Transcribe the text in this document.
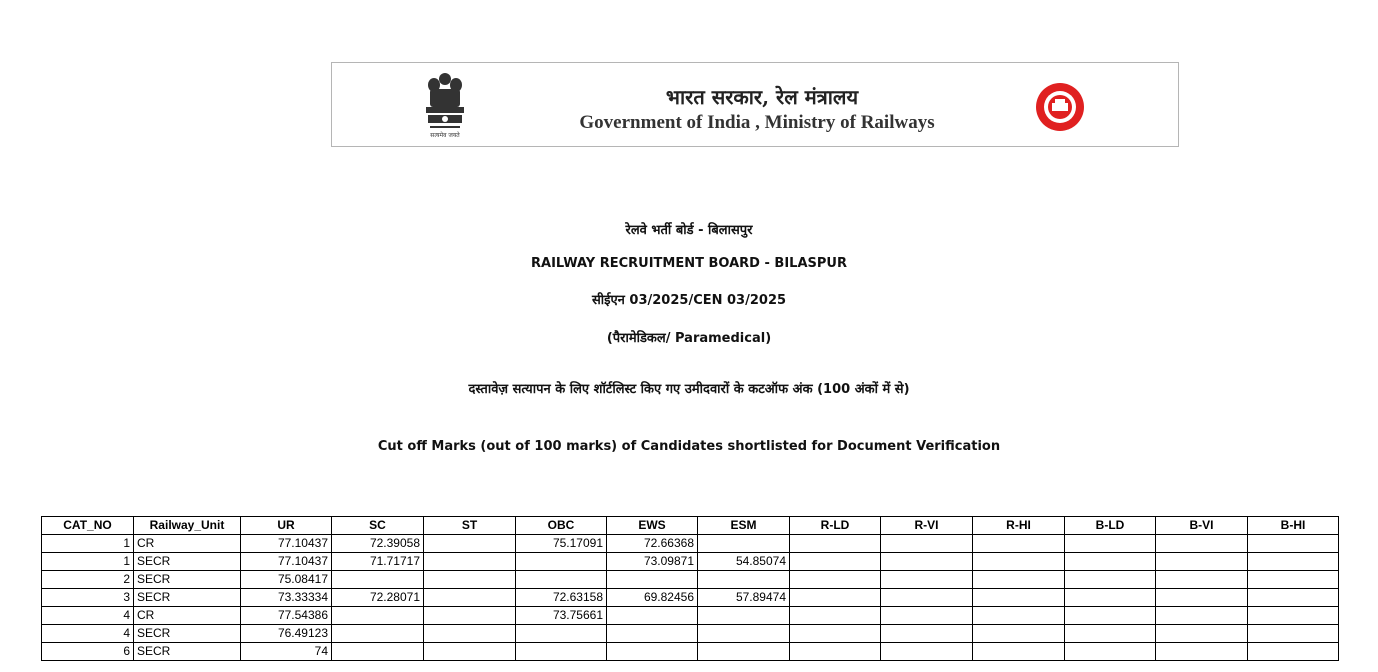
सत्यमेव जयते
भारत सरकार, रेल मंत्रालय
Government of India , Ministry of Railways
रेलवे भर्ती बोर्ड - बिलासपुर
RAILWAY RECRUITMENT BOARD - BILASPUR
सीईएन 03/2025/CEN 03/2025
(पैरामेडिकल/ Paramedical)
दस्तावेज़ सत्यापन के लिए शॉर्टलिस्ट किए गए उमीदवारों के कटऑफ अंक (100 अंकों में से)
Cut off Marks (out of 100 marks) of Candidates shortlisted for Document Verification
CAT_NO	Railway_Unit	UR	SC	ST	OBC	EWS	ESM	R-LD	R-VI	R-HI	B-LD	B-VI	B-HI
1	CR	77.10437	72.39058		75.17091	72.66368							
1	SECR	77.10437	71.71717			73.09871	54.85074						
2	SECR	75.08417											
3	SECR	73.33334	72.28071		72.63158	69.82456	57.89474						
4	CR	77.54386			73.75661								
4	SECR	76.49123											
6	SECR	74											
